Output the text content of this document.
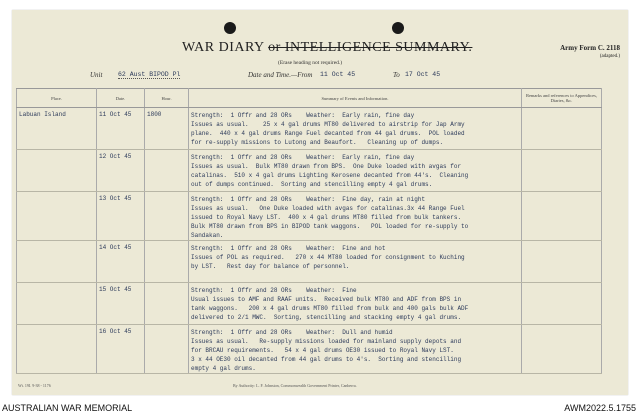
WAR DIARY or INTELLIGENCE SUMMARY.
(Erase heading not required.)
Army Form C. 2118
(adapted.)
Unit 62 Aust BIPOD Pl	Date and Time.—From 11 Oct 45	To 17 Oct 45
Place.	Date.	Hour.	Summary of Events and Information.	Remarks and references to Appendices, Diaries, &c.
Labuan Island	11 Oct 45	1800	Strength:  1 Offr and 28 ORs    Weather:  Early rain, fine day
Issues as usual.    25 x 4 gal drums MT80 delivered to airstrip for Jap Army
plane.  440 x 4 gal drums Range Fuel decanted from 44 gal drums.  POL loaded
for re-supply missions to Lutong and Beaufort.   Cleaning up of dumps.	

	12 Oct 45		Strength:  1 Offr and 28 ORs    Weather:  Early rain, fine day
Issues as usual.  Bulk MT80 drawn from BPS.  One Duke loaded with avgas for
catalinas.  510 x 4 gal drums Lighting Kerosene decanted from 44's.  Cleaning
out of dumps continued.  Sorting and stencilling empty 4 gal drums.	

	13 Oct 45		Strength:  1 Offr and 28 ORs    Weather:  Fine day, rain at night
Issues as usual.   One Duke loaded with avgas for catalinas.3x 44 Range Fuel
issued to Royal Navy LST.  400 x 4 gal drums MT80 filled from bulk tankers.
Bulk MT80 drawn from BPS in BIPOD tank waggons.   POL loaded for re-supply to
Sandakan.	

	14 Oct 45		Strength:  1 Offr and 28 ORs    Weather:  Fine and hot
Issues of POL as required.   270 x 44 MT80 loaded for consignment to Kuching
by LST.   Rest day for balance of personnel.	

	15 Oct 45		Strength:  1 Offr and 28 ORs    Weather:  Fine
Usual issues to AMF and RAAF units.  Received bulk MT80 and ADF from BPS in
tank waggons.   200 x 4 gal drums MT80 filled from bulk and 400 gals bulk ADF
delivered to 2/1 MWC.  Sorting, stencilling and stacking empty 4 gal drums.	

	16 Oct 45		Strength:  1 Offr and 28 ORs    Weather:  Dull and humid
Issues as usual.   Re-supply missions loaded for mainland supply depots and
for BRCAU requirements.   54 x 4 gal drums OE30 issued to Royal Navy LST.
3 x 44 OE30 oil decanted from 44 gal drums to 4's.  Sorting and stencilling
empty 4 gal drums.	

Wt. 19I. 9-38 - 1176	By Authority: L. F. Johnston, Commonwealth Government Printer, Canberra.
AUSTRALIAN WAR MEMORIAL	AWM2022.5.1755
